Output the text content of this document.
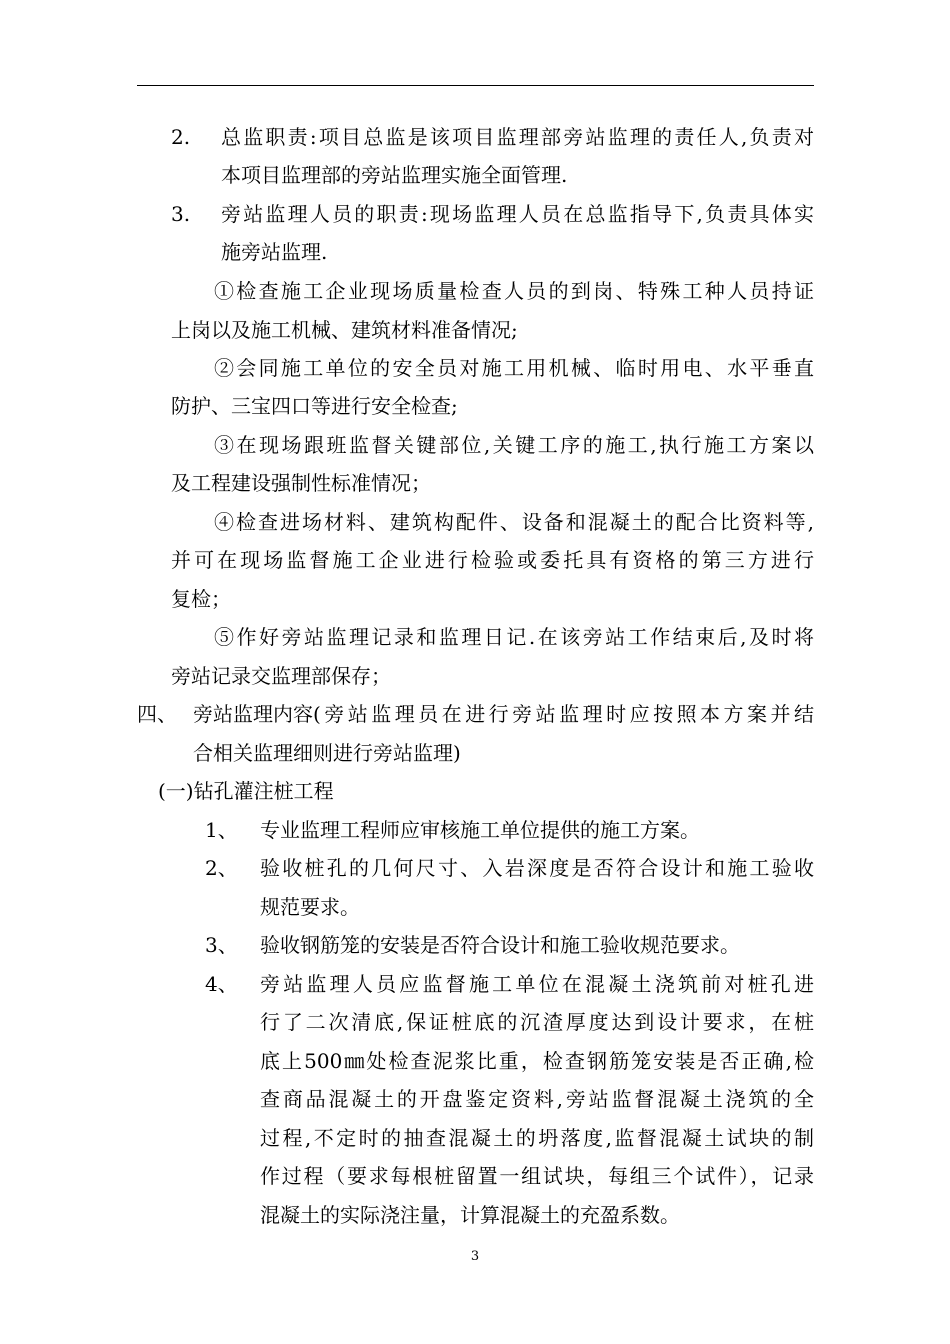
2. 总监职责:项目总监是该项目监理部旁站监理的责任人,负责对
本项目监理部的旁站监理实施全面管理.
3. 旁站监理人员的职责:现场监理人员在总监指导下,负责具体实
施旁站监理.
①检查施工企业现场质量检查人员的到岗、特殊工种人员持证
上岗以及施工机械、建筑材料准备情况;
②会同施工单位的安全员对施工用机械、临时用电、水平垂直
防护、三宝四口等进行安全检查;
③在现场跟班监督关键部位,关键工序的施工,执行施工方案以
及工程建设强制性标准情况；
④检查进场材料、建筑构配件、设备和混凝土的配合比资料等,
并可在现场监督施工企业进行检验或委托具有资格的第三方进行
复检；
⑤作好旁站监理记录和监理日记.在该旁站工作结束后,及时将
旁站记录交监理部保存；
四、 旁站监理内容 (旁站监理员在进行旁站监理时应按照本方案并结
合相关监理细则进行旁站监理)
(一)钻孔灌注桩工程
1、 专业监理工程师应审核施工单位提供的施工方案。
2、 验收桩孔的几何尺寸、入岩深度是否符合设计和施工验收
规范要求。
3、 验收钢筋笼的安装是否符合设计和施工验收规范要求。
4、 旁站监理人员应监督施工单位在混凝土浇筑前对桩孔进
行了二次清底,保证桩底的沉渣厚度达到设计要求，在桩
底上500㎜处检查泥浆比重，检查钢筋笼安装是否正确,检
查商品混凝土的开盘鉴定资料,旁站监督混凝土浇筑的全
过程,不定时的抽查混凝土的坍落度,监督混凝土试块的制
作过程（要求每根桩留置一组试块，每组三个试件），记录
混凝土的实际浇注量，计算混凝土的充盈系数。
3
